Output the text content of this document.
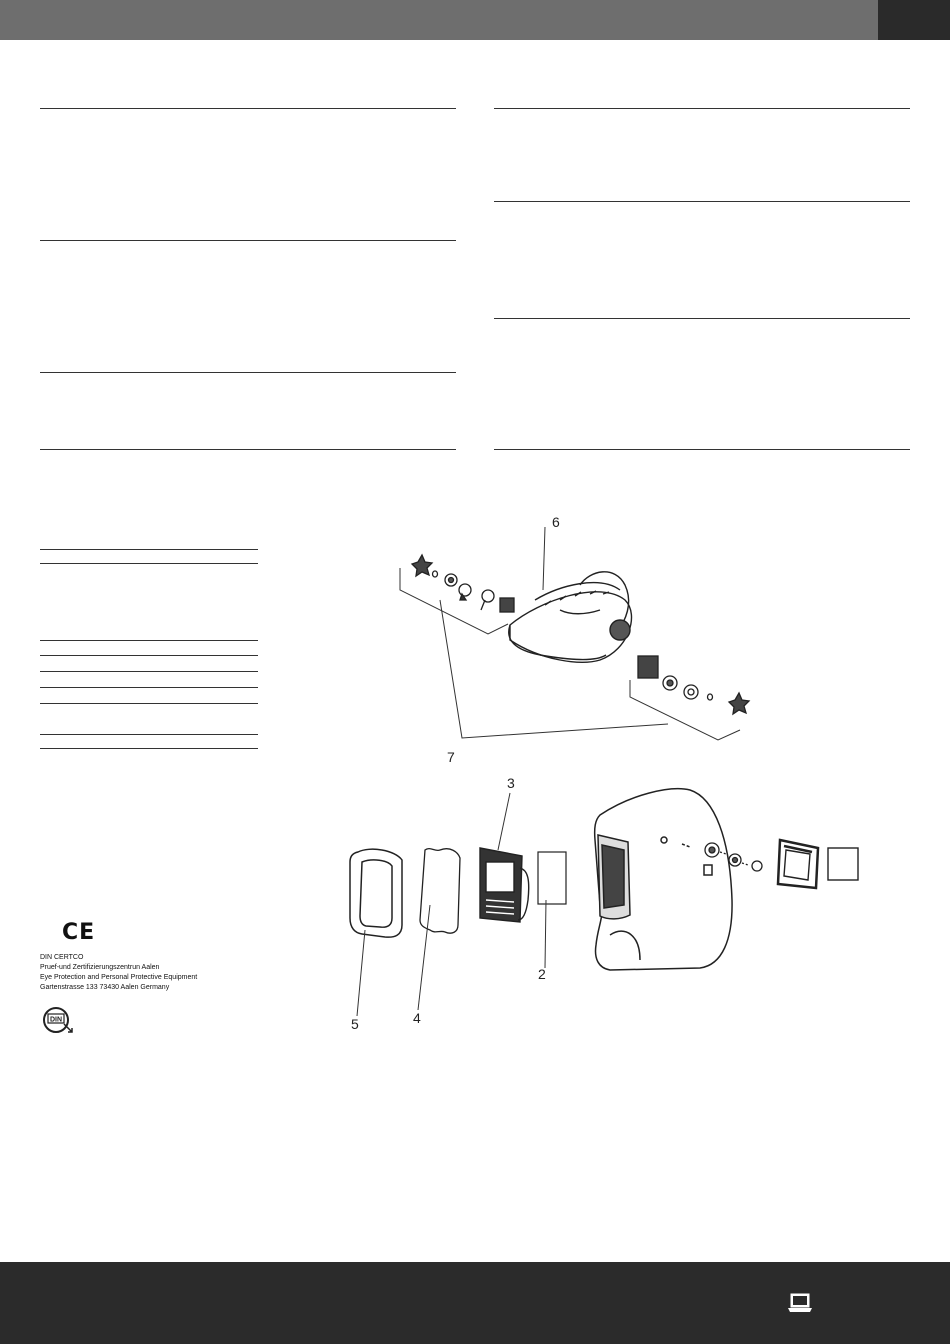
CE
DIN CERTCO
Pruef-und Zertifizierungszentrun Aalen
Eye Protection and Personal Protective Equipment
Gartenstrasse 133 73430 Aalen Germany
DIN
6
7
3
2
4
5
